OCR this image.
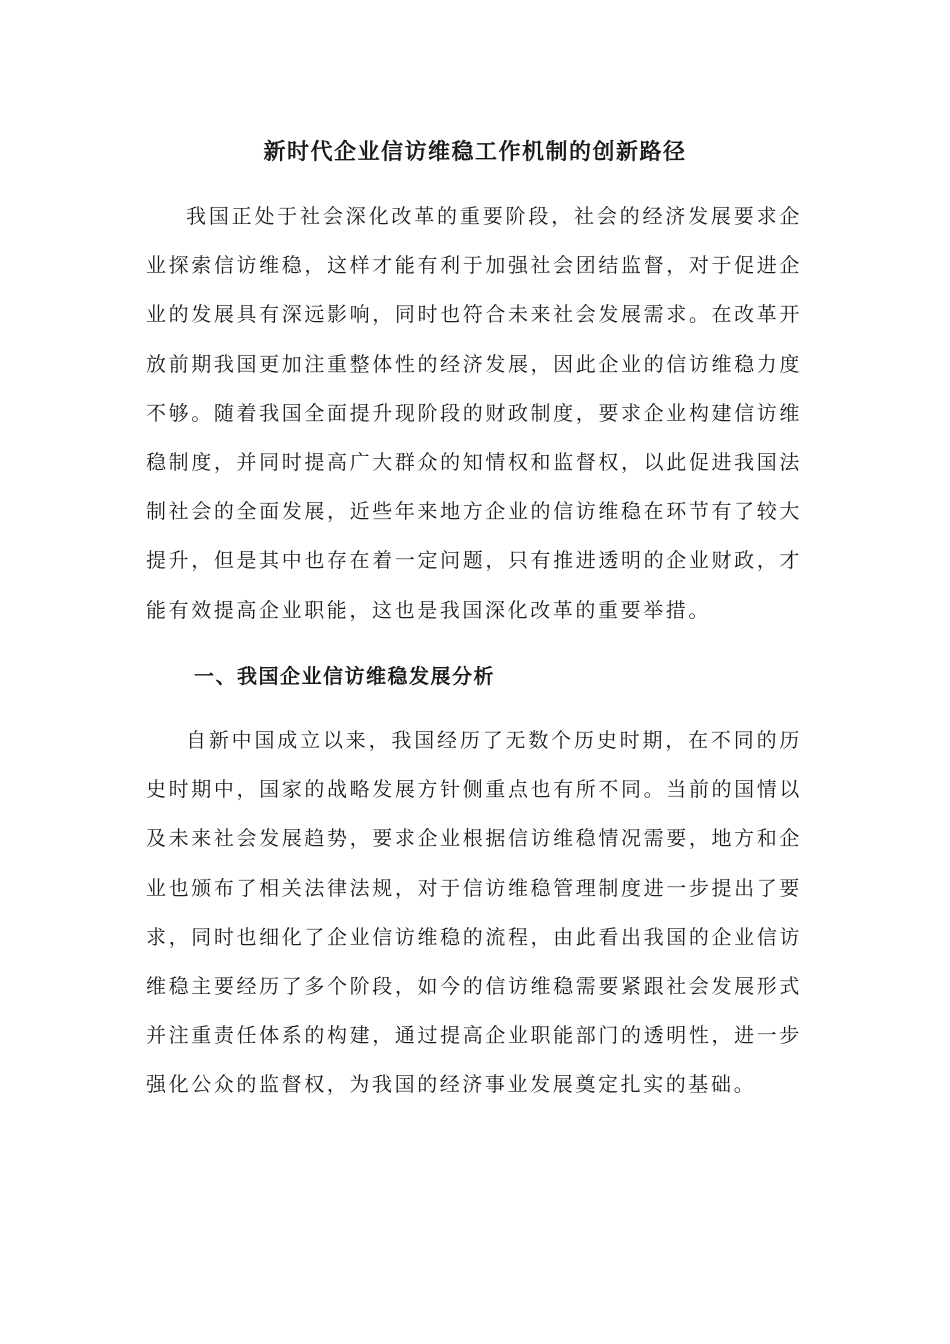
新时代企业信访维稳工作机制的创新路径

我国正处于社会深化改革的重要阶段，社会的经济发展要求企业探索信访维稳，这样才能有利于加强社会团结监督，对于促进企业的发展具有深远影响，同时也符合未来社会发展需求。在改革开放前期我国更加注重整体性的经济发展，因此企业的信访维稳力度不够。随着我国全面提升现阶段的财政制度，要求企业构建信访维稳制度，并同时提高广大群众的知情权和监督权，以此促进我国法制社会的全面发展，近些年来地方企业的信访维稳在环节有了较大提升，但是其中也存在着一定问题，只有推进透明的企业财政，才能有效提高企业职能，这也是我国深化改革的重要举措。

一、我国企业信访维稳发展分析

自新中国成立以来，我国经历了无数个历史时期，在不同的历史时期中，国家的战略发展方针侧重点也有所不同。当前的国情以及未来社会发展趋势，要求企业根据信访维稳情况需要，地方和企业也颁布了相关法律法规，对于信访维稳管理制度进一步提出了要求，同时也细化了企业信访维稳的流程，由此看出我国的企业信访维稳主要经历了多个阶段，如今的信访维稳需要紧跟社会发展形式并注重责任体系的构建，通过提高企业职能部门的透明性，进一步强化公众的监督权，为我国的经济事业发展奠定扎实的基础。
